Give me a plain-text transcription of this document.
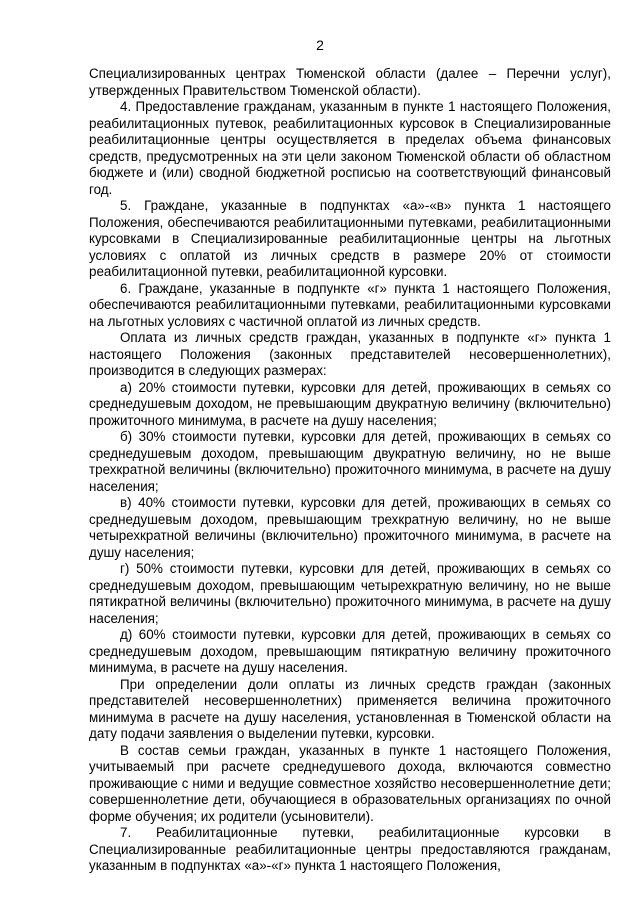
2

Специализированных центрах Тюменской области (далее – Перечни услуг), утвержденных Правительством Тюменской области).

4. Предоставление гражданам, указанным в пункте 1 настоящего Положения, реабилитационных путевок, реабилитационных курсовок в Специализированные реабилитационные центры осуществляется в пределах объема финансовых средств, предусмотренных на эти цели законом Тюменской области об областном бюджете и (или) сводной бюджетной росписью на соответствующий финансовый год.

5. Граждане, указанные в подпунктах «а»-«в» пункта 1 настоящего Положения, обеспечиваются реабилитационными путевками, реабилитационными курсовками в Специализированные реабилитационные центры на льготных условиях с оплатой из личных средств в размере 20% от стоимости реабилитационной путевки, реабилитационной курсовки.

6. Граждане, указанные в подпункте «г» пункта 1 настоящего Положения, обеспечиваются реабилитационными путевками, реабилитационными курсовками на льготных условиях с частичной оплатой из личных средств.

Оплата из личных средств граждан, указанных в подпункте «г» пункта 1 настоящего Положения (законных представителей несовершеннолетних), производится в следующих размерах:

а) 20% стоимости путевки, курсовки для детей, проживающих в семьях со среднедушевым доходом, не превышающим двукратную величину (включительно) прожиточного минимума, в расчете на душу населения;

б) 30% стоимости путевки, курсовки для детей, проживающих в семьях со среднедушевым доходом, превышающим двукратную величину, но не выше трехкратной величины (включительно) прожиточного минимума, в расчете на душу населения;

в) 40% стоимости путевки, курсовки для детей, проживающих в семьях со среднедушевым доходом, превышающим трехкратную величину, но не выше четырехкратной величины (включительно) прожиточного минимума, в расчете на душу населения;

г) 50% стоимости путевки, курсовки для детей, проживающих в семьях со среднедушевым доходом, превышающим четырехкратную величину, но не выше пятикратной величины (включительно) прожиточного минимума, в расчете на душу населения;

д) 60% стоимости путевки, курсовки для детей, проживающих в семьях со среднедушевым доходом, превышающим пятикратную величину прожиточного минимума, в расчете на душу населения.

При определении доли оплаты из личных средств граждан (законных представителей несовершеннолетних) применяется величина прожиточного минимума в расчете на душу населения, установленная в Тюменской области на дату подачи заявления о выделении путевки, курсовки.

В состав семьи граждан, указанных в пункте 1 настоящего Положения, учитываемый при расчете среднедушевого дохода, включаются совместно проживающие с ними и ведущие совместное хозяйство несовершеннолетние дети; совершеннолетние дети, обучающиеся в образовательных организациях по очной форме обучения; их родители (усыновители).

7. Реабилитационные путевки, реабилитационные курсовки в Специализированные реабилитационные центры предоставляются гражданам, указанным в подпунктах «а»-«г» пункта 1 настоящего Положения,
